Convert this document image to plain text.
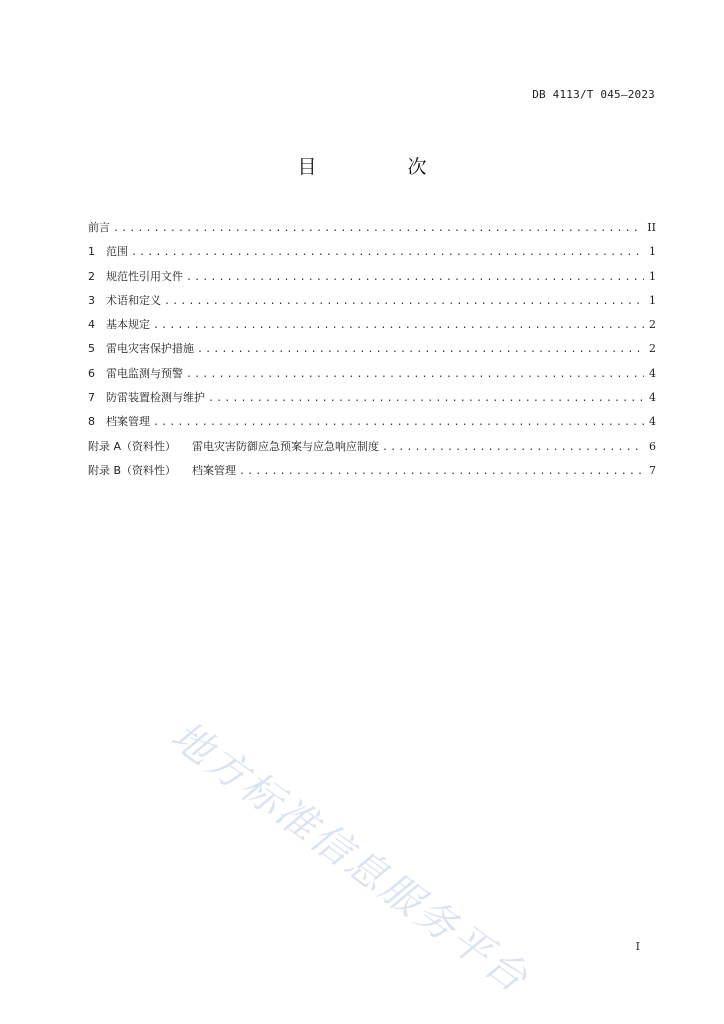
DB 4113/T 045—2023
目　次
前言 .....	II
1	范围 .....	1
2	规范性引用文件 .....	1
3	术语和定义 .....	1
4	基本规定 .....	2
5	雷电灾害保护措施 .....	2
6	雷电监测与预警 .....	4
7	防雷装置检测与维护 .....	4
8	档案管理 .....	4
附录 A（资料性） 雷电灾害防御应急预案与应急响应制度 .....	6
附录 B（资料性） 档案管理 .....	7
地方标准信息服务平台	I
